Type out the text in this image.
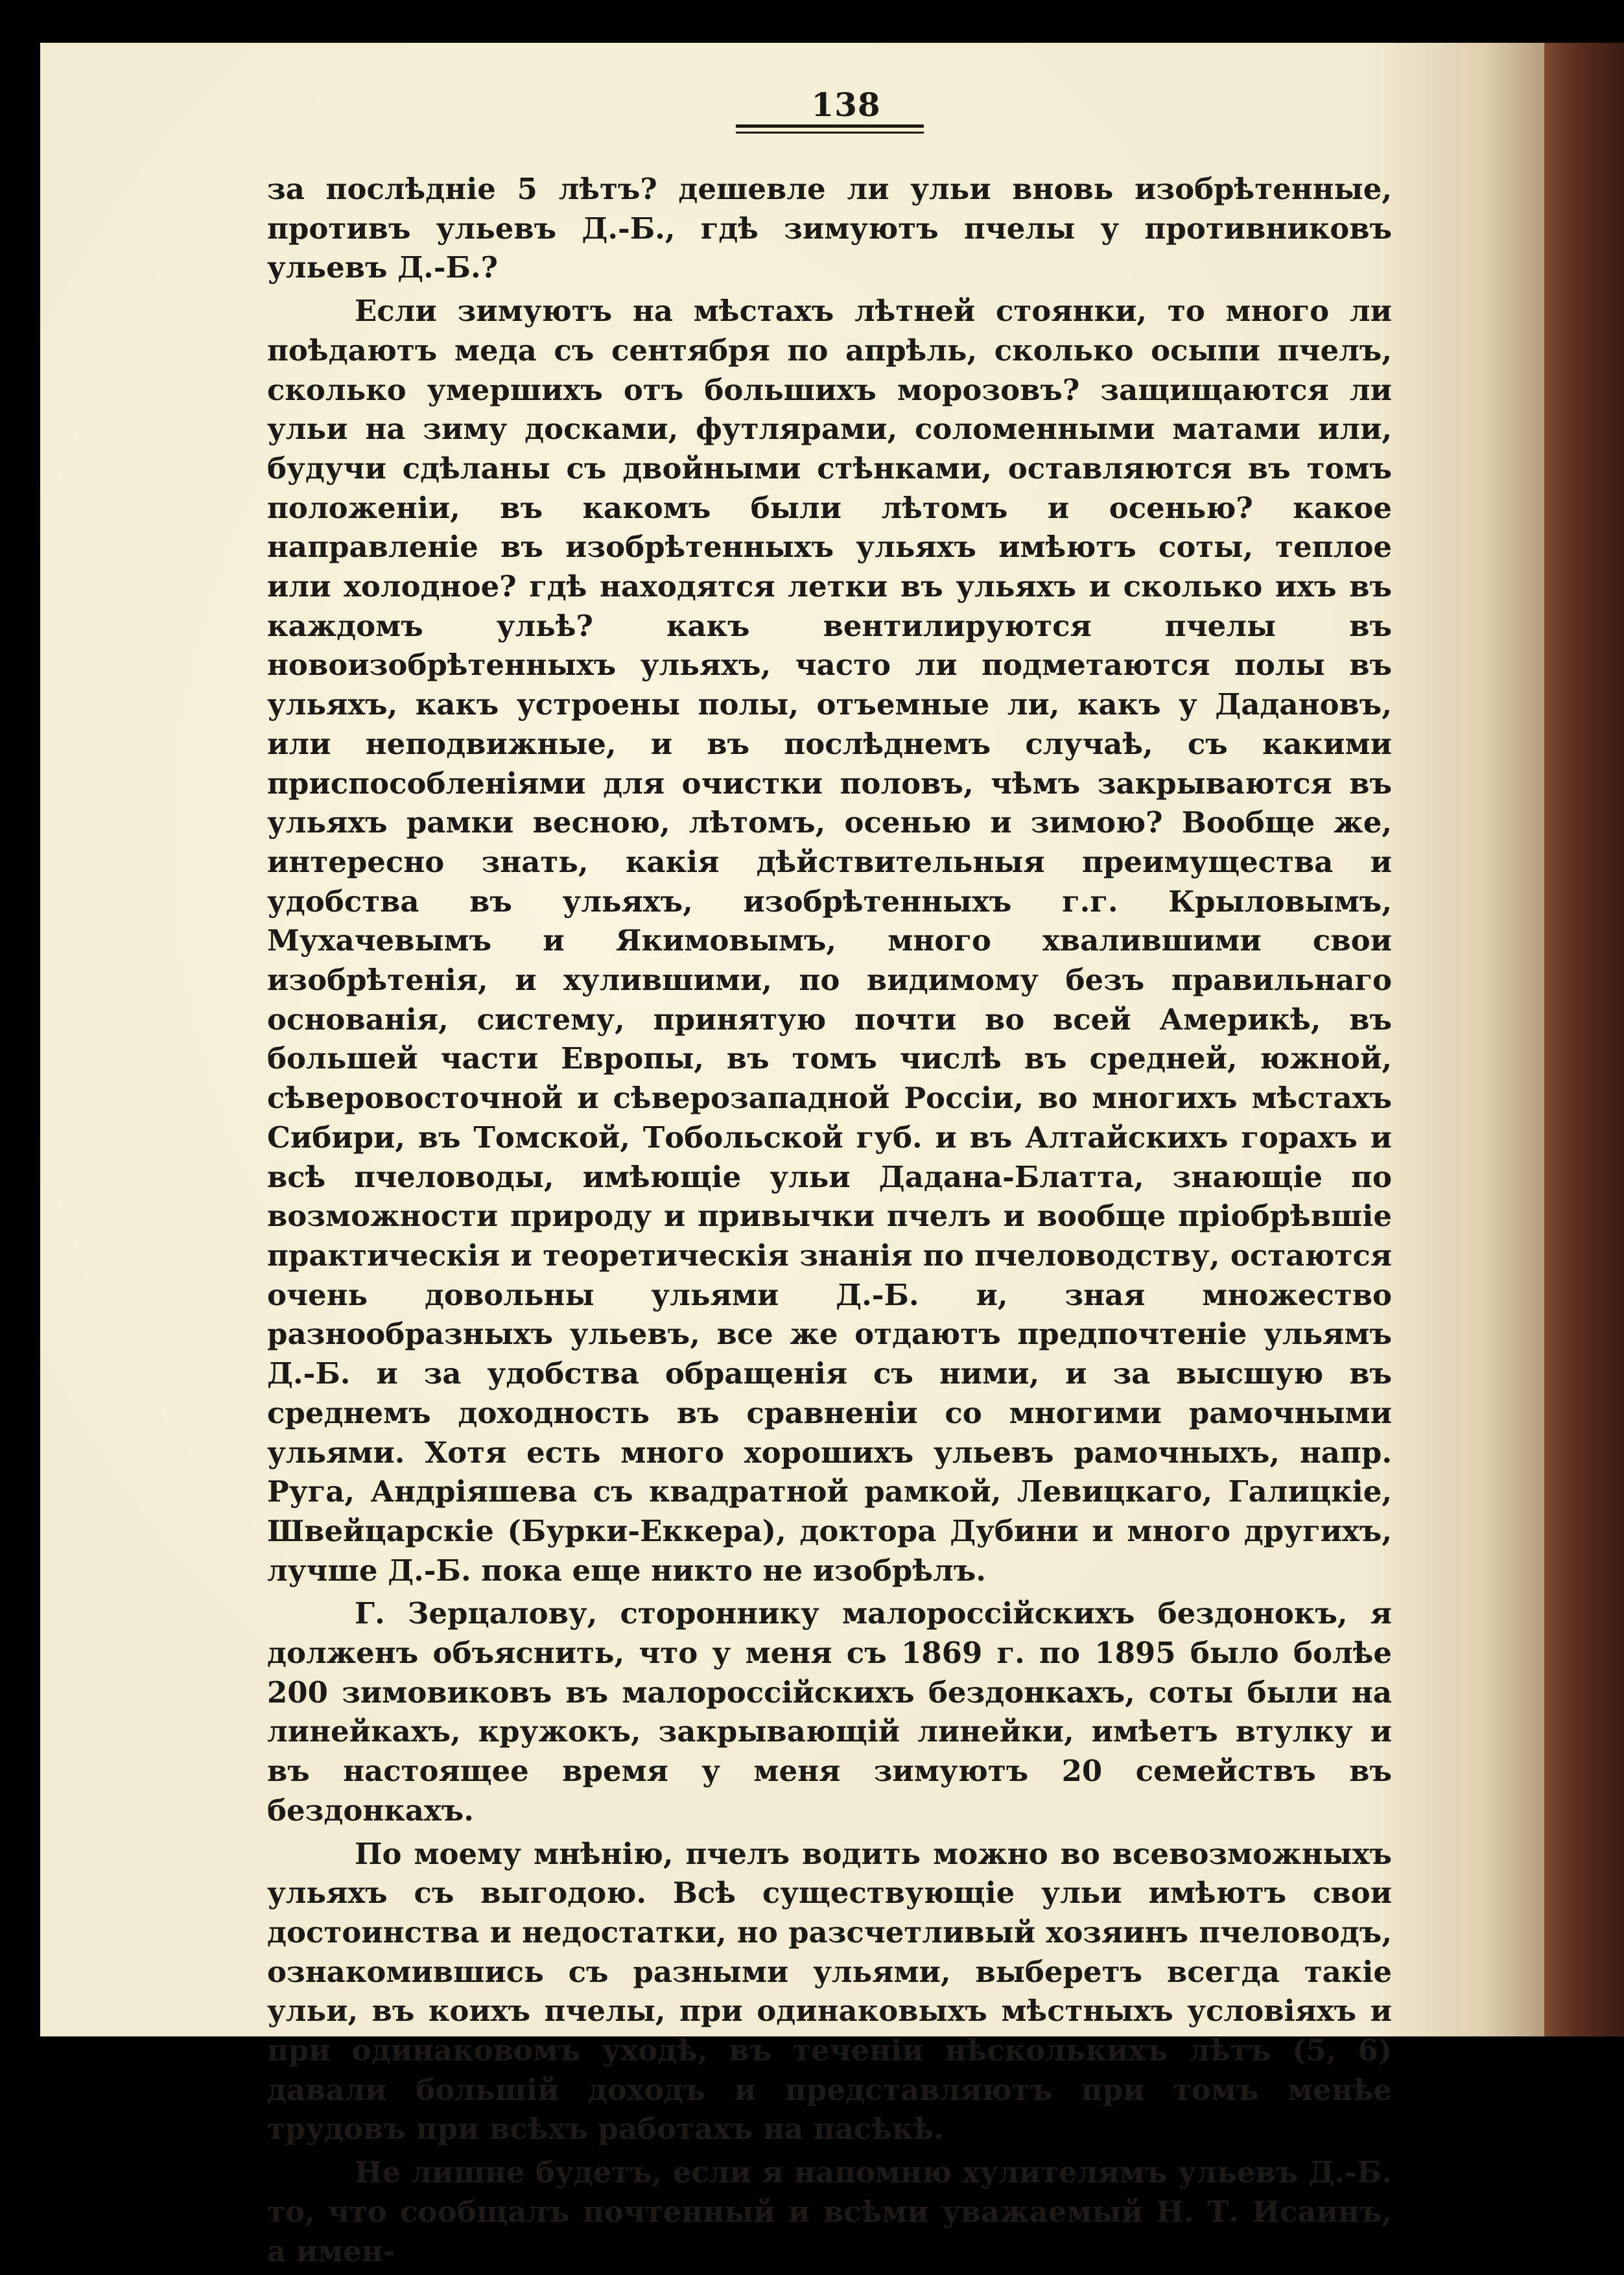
138

за послѣдніе 5 лѣтъ? дешевле ли ульи вновь изобрѣтенные, противъ ульевъ Д.-Б., гдѣ зимуютъ пчелы у противниковъ ульевъ Д.-Б.?

Если зимуютъ на мѣстахъ лѣтней стоянки, то много ли поѣдаютъ меда съ сентября по апрѣль, сколько осыпи пчелъ, сколько умершихъ отъ большихъ морозовъ? защищаются ли ульи на зиму досками, футлярами, соломенными матами или, будучи сдѣланы съ двойными стѣнками, оставляются въ томъ положеніи, въ какомъ были лѣтомъ и осенью? какое направленіе въ изобрѣтенныхъ ульяхъ имѣютъ соты, теплое или холодное? гдѣ находятся летки въ ульяхъ и сколько ихъ въ каждомъ ульѣ? какъ вентилируются пчелы въ новоизобрѣтенныхъ ульяхъ, часто ли подметаются полы въ ульяхъ, какъ устроены полы, отъемные ли, какъ у Дадановъ, или неподвижные, и въ послѣднемъ случаѣ, съ какими приспособленіями для очистки половъ, чѣмъ закрываются въ ульяхъ рамки весною, лѣтомъ, осенью и зимою? Вообще же, интересно знать, какія дѣйствительныя преимущества и удобства въ ульяхъ, изобрѣтенныхъ г.г. Крыловымъ, Мухачевымъ и Якимовымъ, много хвалившими свои изобрѣтенія, и хулившими, по видимому безъ правильнаго основанія, систему, принятую почти во всей Америкѣ, въ большей части Европы, въ томъ числѣ въ средней, южной, сѣверовосточной и сѣверозападной Россіи, во многихъ мѣстахъ Сибири, въ Томской, Тобольской губ. и въ Алтайскихъ горахъ и всѣ пчеловоды, имѣющіе ульи Дадана-Блатта, знающіе по возможности природу и привычки пчелъ и вообще пріобрѣвшіе практическія и теоретическія знанія по пчеловодству, остаются очень довольны ульями Д.-Б. и, зная множество разнообразныхъ ульевъ, все же отдаютъ предпочтеніе ульямъ Д.-Б. и за удобства обращенія съ ними, и за высшую въ среднемъ доходность въ сравненіи со многими рамочными ульями. Хотя есть много хорошихъ ульевъ рамочныхъ, напр. Руга, Андріяшева съ квадратной рамкой, Левицкаго, Галицкіе, Швейцарскіе (Бурки-Еккера), доктора Дубини и много другихъ, лучше Д.-Б. пока еще никто не изобрѣлъ.

Г. Зерцалову, стороннику малороссійскихъ бездонокъ, я долженъ объяснить, что у меня съ 1869 г. по 1895 было болѣе 200 зимовиковъ въ малороссійскихъ бездонкахъ, соты были на линейкахъ, кружокъ, закрывающій линейки, имѣетъ втулку и въ настоящее время у меня зимуютъ 20 семействъ въ бездонкахъ.

По моему мнѣнію, пчелъ водить можно во всевозможныхъ ульяхъ съ выгодою. Всѣ существующіе ульи имѣютъ свои достоинства и недостатки, но разсчетливый хозяинъ пчеловодъ, ознакомившись съ разными ульями, выберетъ всегда такіе ульи, въ коихъ пчелы, при одинаковыхъ мѣстныхъ условіяхъ и при одинаковомъ уходѣ, въ теченіи нѣсколькихъ лѣтъ (5, 6) давали большій доходъ и представляютъ при томъ менѣе трудовъ при всѣхъ работахъ на пасѣкѣ.

Не лишне будетъ, если я напомню хулителямъ ульевъ Д.-Б. то, что сообщалъ почтенный и всѣми уважаемый Н. Т. Исаинъ, а имен-
